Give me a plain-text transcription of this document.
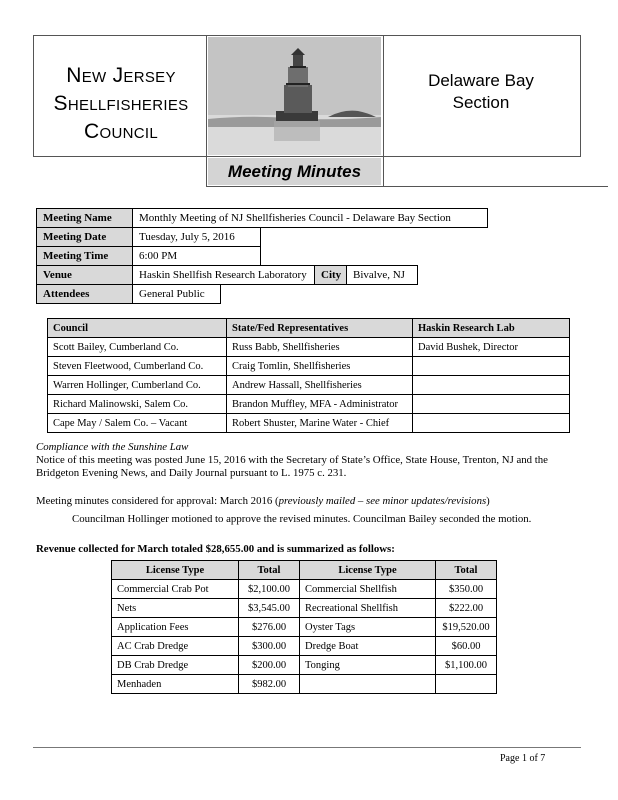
New Jersey
Shellfisheries
Council
Delaware Bay
Section
Meeting Minutes
Meeting Name	Monthly Meeting of NJ Shellfisheries Council - Delaware Bay Section
Meeting Date	Tuesday, July 5, 2016
Meeting Time	6:00 PM
Venue	Haskin Shellfish Research Laboratory	City	Bivalve, NJ
Attendees	General Public
Council	State/Fed Representatives	Haskin Research Lab
Scott Bailey, Cumberland Co.	Russ Babb, Shellfisheries	David Bushek, Director
Steven Fleetwood, Cumberland Co.	Craig Tomlin, Shellfisheries	
Warren Hollinger, Cumberland Co.	Andrew Hassall, Shellfisheries	
Richard Malinowski, Salem Co.	Brandon Muffley, MFA - Administrator	
Cape May / Salem Co. – Vacant	Robert Shuster, Marine Water - Chief	
Compliance with the Sunshine Law
Notice of this meeting was posted June 15, 2016 with the Secretary of State’s Office, State House, Trenton, NJ and the
Bridgeton Evening News, and Daily Journal pursuant to L. 1975 c. 231.
Meeting minutes considered for approval: March 2016 (previously mailed – see minor updates/revisions)
Councilman Hollinger motioned to approve the revised minutes. Councilman Bailey seconded the motion.
Revenue collected for March totaled $28,655.00 and is summarized as follows:
License Type	Total	License Type	Total
Commercial Crab Pot	$2,100.00	Commercial Shellfish	$350.00
Nets	$3,545.00	Recreational Shellfish	$222.00
Application Fees	$276.00	Oyster Tags	$19,520.00
AC Crab Dredge	$300.00	Dredge Boat	$60.00
DB Crab Dredge	$200.00	Tonging	$1,100.00
Menhaden	$982.00		
Page 1 of 7
